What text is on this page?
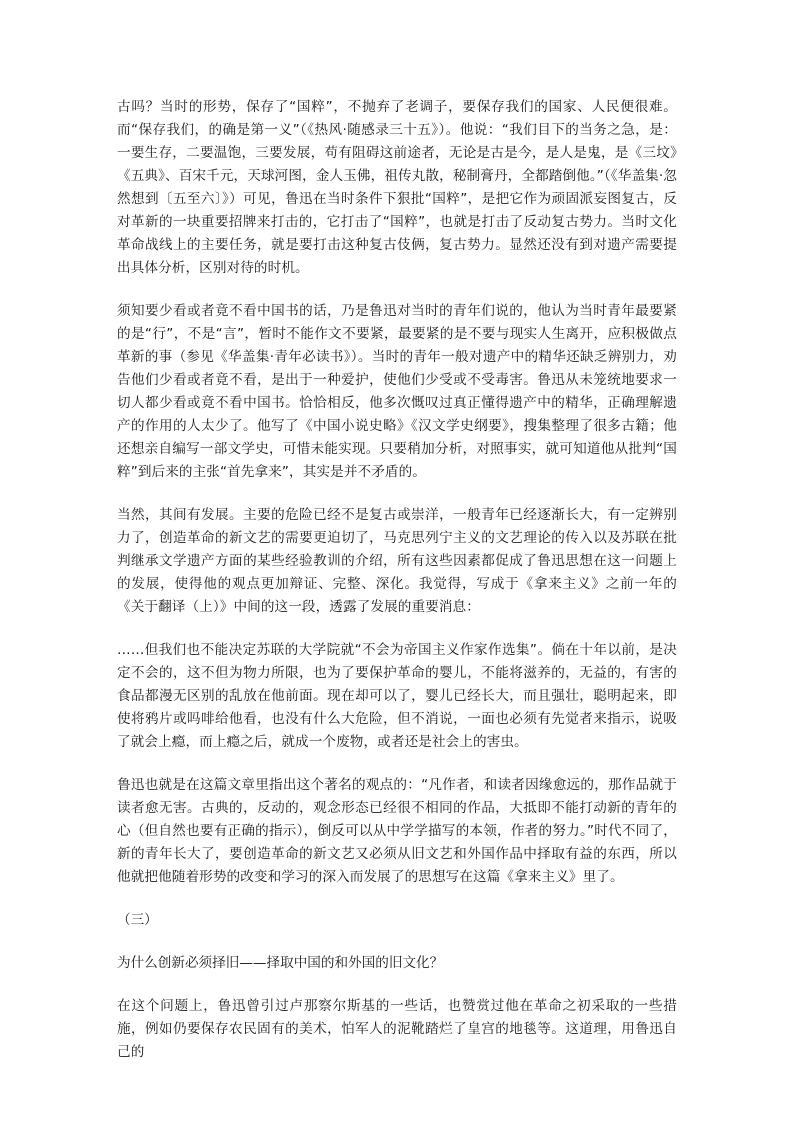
古吗？当时的形势，保存了“国粹”，不抛弃了老调子，要保存我们的国家、人民便很难。而“保存我们，的确是第一义”（《热风·随感录三十五》）。他说：“我们目下的当务之急，是：一要生存，二要温饱，三要发展，苟有阻碍这前途者，无论是古是今，是人是鬼，是《三坟》《五典》、百宋千元，天球河图，金人玉佛，祖传丸散，秘制膏丹，全都踏倒他。”（《华盖集·忽然想到〔五至六〕》）可见，鲁迅在当时条件下狠批“国粹”，是把它作为顽固派妄图复古，反对革新的一块重要招牌来打击的，它打击了“国粹”，也就是打击了反动复古势力。当时文化革命战线上的主要任务，就是要打击这种复古伎俩，复古势力。显然还没有到对遗产需要提出具体分析，区别对待的时机。

须知要少看或者竟不看中国书的话，乃是鲁迅对当时的青年们说的，他认为当时青年最要紧的是“行”，不是“言”，暂时不能作文不要紧，最要紧的是不要与现实人生离开，应积极做点革新的事（参见《华盖集·青年必读书》）。当时的青年一般对遗产中的精华还缺乏辨别力，劝告他们少看或者竟不看，是出于一种爱护，使他们少受或不受毒害。鲁迅从未笼统地要求一切人都少看或竟不看中国书。恰恰相反，他多次慨叹过真正懂得遗产中的精华，正确理解遗产的作用的人太少了。他写了《中国小说史略》《汉文学史纲要》，搜集整理了很多古籍；他还想亲自编写一部文学史，可惜未能实现。只要稍加分析，对照事实，就可知道他从批判“国粹”到后来的主张“首先拿来”，其实是并不矛盾的。

当然，其间有发展。主要的危险已经不是复古或崇洋，一般青年已经逐渐长大，有一定辨别力了，创造革命的新文艺的需要更迫切了，马克思列宁主义的文艺理论的传入以及苏联在批判继承文学遗产方面的某些经验教训的介绍，所有这些因素都促成了鲁迅思想在这一问题上的发展，使得他的观点更加辩证、完整、深化。我觉得，写成于《拿来主义》之前一年的《关于翻译（上）》中间的这一段，透露了发展的重要消息：

……但我们也不能决定苏联的大学院就“不会为帝国主义作家作选集”。倘在十年以前，是决定不会的，这不但为物力所限，也为了要保护革命的婴儿，不能将滋养的，无益的，有害的食品都漫无区别的乱放在他前面。现在却可以了，婴儿已经长大，而且强壮，聪明起来，即使将鸦片或吗啡给他看，也没有什么大危险，但不消说，一面也必须有先觉者来指示，说吸了就会上瘾，而上瘾之后，就成一个废物，或者还是社会上的害虫。

鲁迅也就是在这篇文章里指出这个著名的观点的：“凡作者，和读者因缘愈远的，那作品就于读者愈无害。古典的，反动的，观念形态已经很不相同的作品，大抵即不能打动新的青年的心（但自然也要有正确的指示），倒反可以从中学学描写的本领，作者的努力。”时代不同了，新的青年长大了，要创造革命的新文艺又必须从旧文艺和外国作品中择取有益的东西，所以他就把他随着形势的改变和学习的深入而发展了的思想写在这篇《拿来主义》里了。

（三）

为什么创新必须择旧——择取中国的和外国的旧文化？

在这个问题上，鲁迅曾引过卢那察尔斯基的一些话，也赞赏过他在革命之初采取的一些措施，例如仍要保存农民固有的美术，怕军人的泥靴踏烂了皇宫的地毯等。这道理，用鲁迅自己的
